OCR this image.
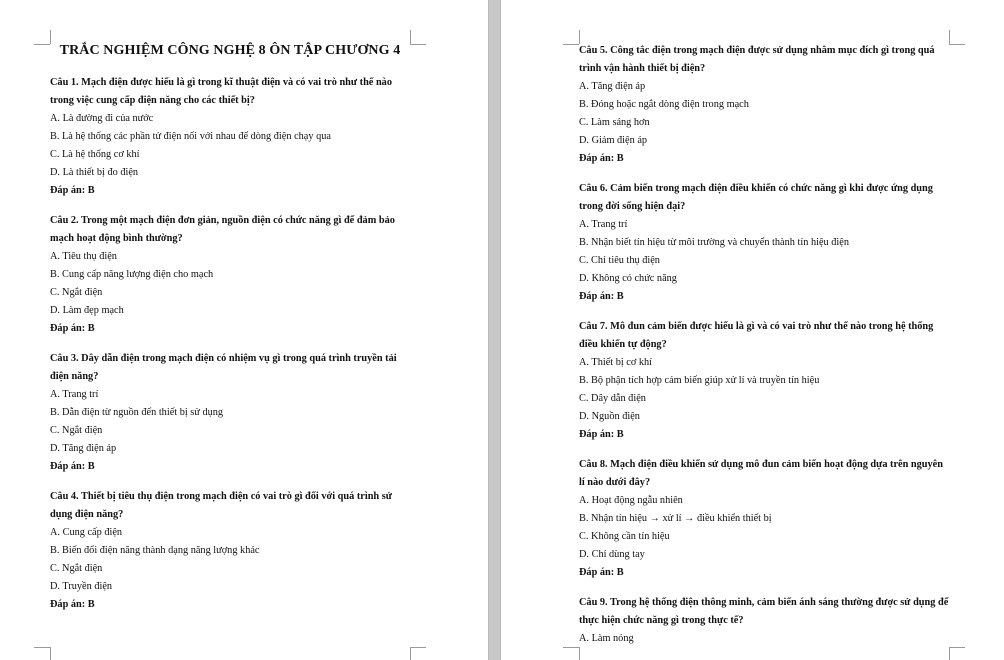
TRẮC NGHIỆM CÔNG NGHỆ 8 ÔN TẬP CHƯƠNG 4

Câu 1. Mạch điện được hiểu là gì trong kĩ thuật điện và có vai trò như thế nào trong việc cung cấp điện năng cho các thiết bị?

A. Là đường đi của nước

B. Là hệ thống các phần tử điện nối với nhau để dòng điện chạy qua

C. Là hệ thống cơ khí

D. Là thiết bị đo điện

Đáp án: B

Câu 2. Trong một mạch điện đơn giản, nguồn điện có chức năng gì để đảm bảo mạch hoạt động bình thường?

A. Tiêu thụ điện

B. Cung cấp năng lượng điện cho mạch

C. Ngắt điện

D. Làm đẹp mạch

Đáp án: B

Câu 3. Dây dẫn điện trong mạch điện có nhiệm vụ gì trong quá trình truyền tải điện năng?

A. Trang trí

B. Dẫn điện từ nguồn đến thiết bị sử dụng

C. Ngắt điện

D. Tăng điện áp

Đáp án: B

Câu 4. Thiết bị tiêu thụ điện trong mạch điện có vai trò gì đối với quá trình sử dụng điện năng?

A. Cung cấp điện

B. Biến đổi điện năng thành dạng năng lượng khác

C. Ngắt điện

D. Truyền điện

Đáp án: B

Câu 5. Công tắc điện trong mạch điện được sử dụng nhằm mục đích gì trong quá trình vận hành thiết bị điện?

A. Tăng điện áp

B. Đóng hoặc ngắt dòng điện trong mạch

C. Làm sáng hơn

D. Giảm điện áp

Đáp án: B

Câu 6. Cảm biến trong mạch điện điều khiển có chức năng gì khi được ứng dụng trong đời sống hiện đại?

A. Trang trí

B. Nhận biết tín hiệu từ môi trường và chuyển thành tín hiệu điện

C. Chỉ tiêu thụ điện

D. Không có chức năng

Đáp án: B

Câu 7. Mô đun cảm biến được hiểu là gì và có vai trò như thế nào trong hệ thống điều khiển tự động?

A. Thiết bị cơ khí

B. Bộ phận tích hợp cảm biến giúp xử lí và truyền tín hiệu

C. Dây dẫn điện

D. Nguồn điện

Đáp án: B

Câu 8. Mạch điện điều khiển sử dụng mô đun cảm biến hoạt động dựa trên nguyên lí nào dưới đây?

A. Hoạt động ngẫu nhiên

B. Nhận tín hiệu → xử lí → điều khiển thiết bị

C. Không cần tín hiệu

D. Chỉ dùng tay

Đáp án: B

Câu 9. Trong hệ thống điện thông minh, cảm biến ánh sáng thường được sử dụng để thực hiện chức năng gì trong thực tế?

A. Làm nóng
